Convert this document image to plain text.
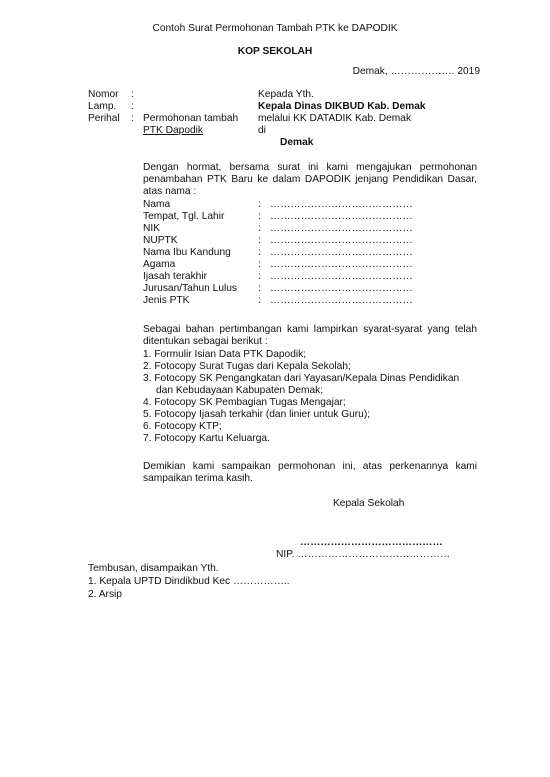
Contoh Surat Permohonan Tambah PTK ke DAPODIK
KOP SEKOLAH
Demak, ………………. 2019
Nomor :
Lamp. :
Perihal : Permohonan tambah
PTK Dapodik
Kepada Yth.
Kepala Dinas DIKBUD Kab. Demak
melalui KK DATADIK Kab. Demak
di
Demak
Dengan hormat, bersama surat ini kami mengajukan permohonan penambahan PTK Baru ke dalam DAPODIK jenjang Pendidikan Dasar, atas nama :
Nama	: ……………………………………
Tempat, Tgl. Lahir	: ……………………………………
NIK	: ……………………………………
NUPTK	: ……………………………………
Nama Ibu Kandung	: ……………………………………
Agama	: ……………………………………
Ijasah terakhir	: ……………………………………
Jurusan/Tahun Lulus : ……………………………………
Jenis PTK	: ……………………………………
Sebagai bahan pertimbangan kami lampirkan syarat-syarat yang telah ditentukan sebagai berikut :
1. Formulir Isian Data PTK Dapodik;
2. Fotocopy Surat Tugas dari Kepala Sekolah;
3. Fotocopy SK Pengangkatan dari Yayasan/Kepala Dinas Pendidikan
dan Kebudayaan Kabupaten Demak;
4. Fotocopy SK Pembagian Tugas Mengajar;
5. Fotocopy Ijasah terkahir (dan linier untuk Guru);
6. Fotocopy KTP;
7. Fotocopy Kartu Keluarga.
Demikian kami sampaikan permohonan ini, atas perkenannya kami sampaikan terima kasih.
Kepala Sekolah
……………………………………
NIP. ………………………………………
Tembusan, disampaikan Yth.
1. Kepala UPTD Dindikbud Kec ……………..
2. Arsip
